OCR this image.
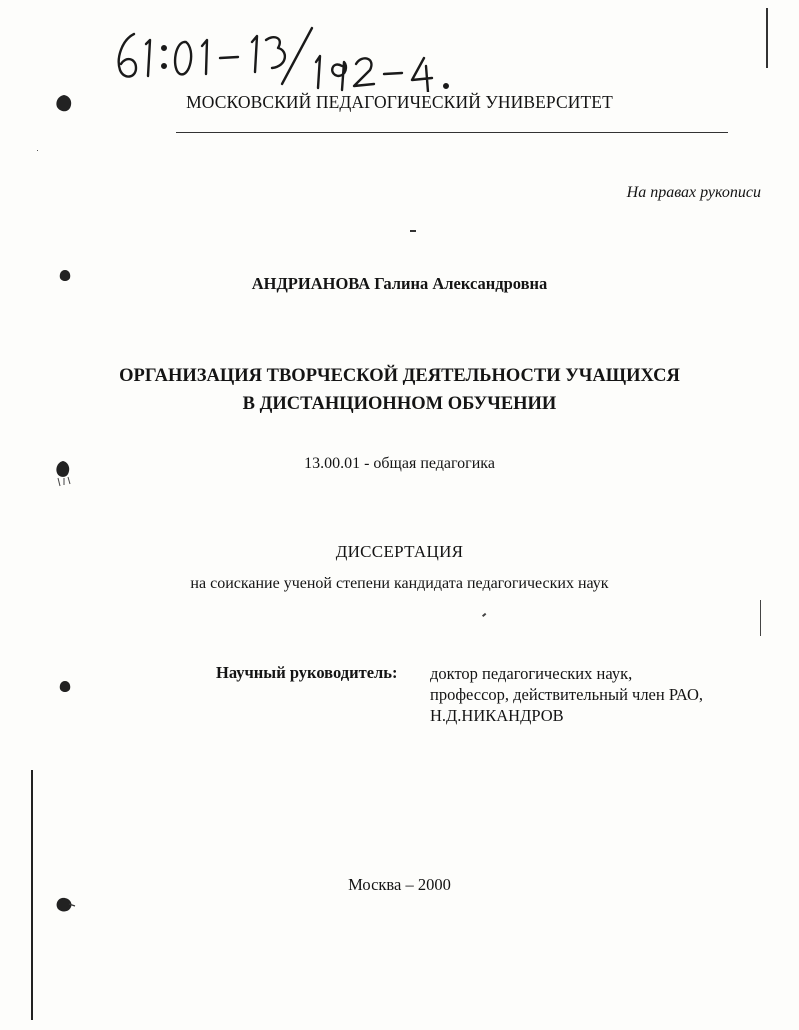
МОСКОВСКИЙ ПЕДАГОГИЧЕСКИЙ УНИВЕРСИТЕТ
На правах рукописи
АНДРИАНОВА Галина Александровна
ОРГАНИЗАЦИЯ ТВОРЧЕСКОЙ ДЕЯТЕЛЬНОСТИ УЧАЩИХСЯ
В ДИСТАНЦИОННОМ ОБУЧЕНИИ
13.00.01 - общая педагогика
ДИССЕРТАЦИЯ
на соискание ученой степени кандидата педагогических наук
Научный руководитель: доктор педагогических наук,
профессор, действительный член РАО,
Н.Д.НИКАНДРОВ
Москва – 2000
